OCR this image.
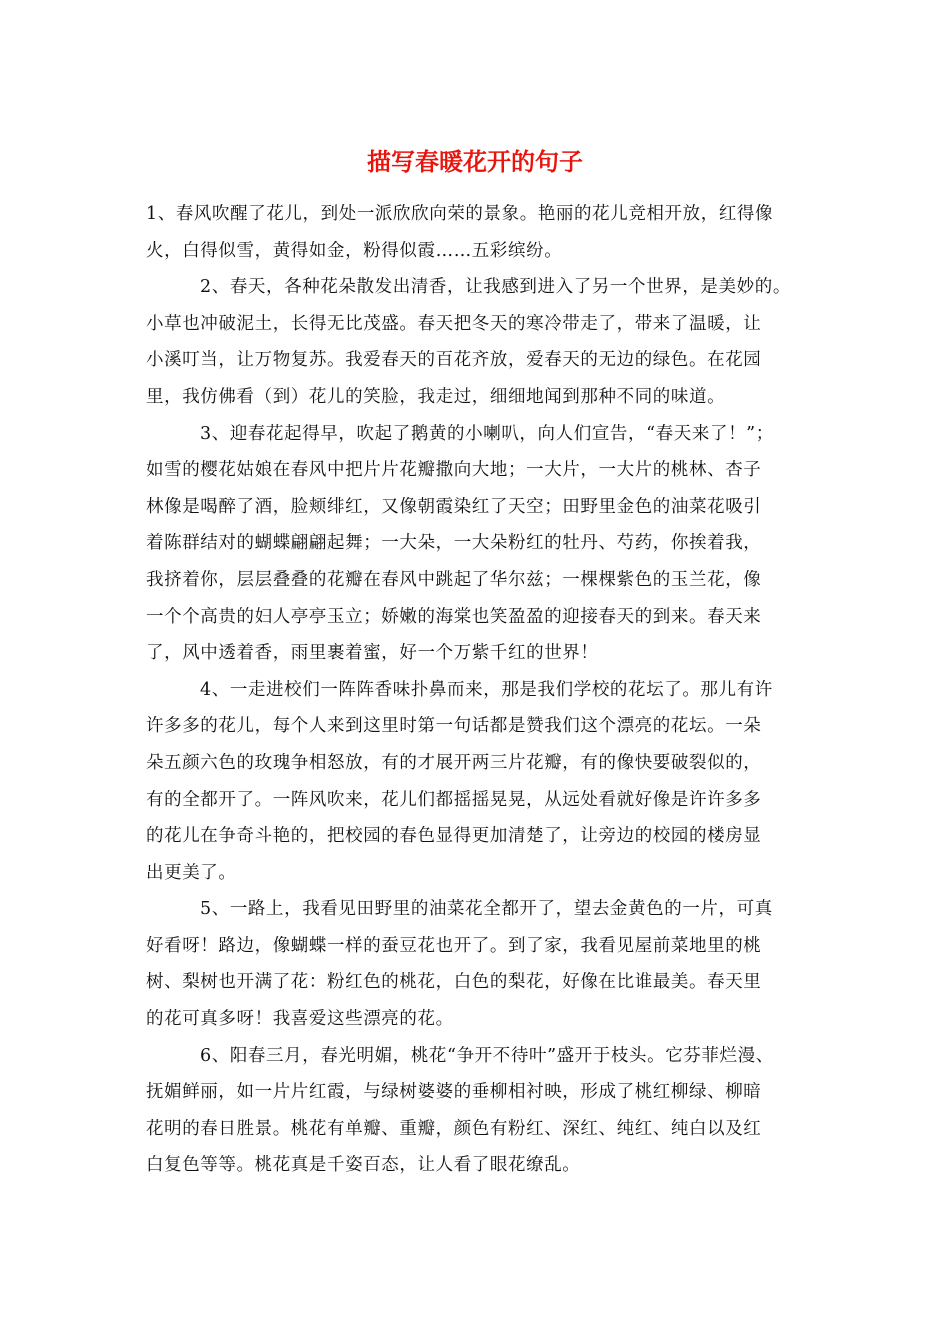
描写春暖花开的句子
1、春风吹醒了花儿，到处一派欣欣向荣的景象。艳丽的花儿竞相开放，红得像
火，白得似雪，黄得如金，粉得似霞……五彩缤纷。
2、春天，各种花朵散发出清香，让我感到进入了另一个世界，是美妙的。
小草也冲破泥土，长得无比茂盛。春天把冬天的寒冷带走了，带来了温暖，让
小溪叮当，让万物复苏。我爱春天的百花齐放，爱春天的无边的绿色。在花园
里，我仿佛看（到）花儿的笑脸，我走过，细细地闻到那种不同的味道。
3、迎春花起得早，吹起了鹅黄的小喇叭，向人们宣告，“春天来了！”；
如雪的樱花姑娘在春风中把片片花瓣撒向大地；一大片，一大片的桃林、杏子
林像是喝醉了酒，脸颊绯红，又像朝霞染红了天空；田野里金色的油菜花吸引
着陈群结对的蝴蝶翩翩起舞；一大朵，一大朵粉红的牡丹、芍药，你挨着我，
我挤着你，层层叠叠的花瓣在春风中跳起了华尔兹；一棵棵紫色的玉兰花，像
一个个高贵的妇人亭亭玉立；娇嫩的海棠也笑盈盈的迎接春天的到来。春天来
了，风中透着香，雨里裹着蜜，好一个万紫千红的世界！
4、一走进校们一阵阵香味扑鼻而来，那是我们学校的花坛了。那儿有许
许多多的花儿，每个人来到这里时第一句话都是赞我们这个漂亮的花坛。一朵
朵五颜六色的玫瑰争相怒放，有的才展开两三片花瓣，有的像快要破裂似的，
有的全都开了。一阵风吹来，花儿们都摇摇晃晃，从远处看就好像是许许多多
的花儿在争奇斗艳的，把校园的春色显得更加清楚了，让旁边的校园的楼房显
出更美了。
5、一路上，我看见田野里的油菜花全都开了，望去金黄色的一片，可真
好看呀！路边，像蝴蝶一样的蚕豆花也开了。到了家，我看见屋前菜地里的桃
树、梨树也开满了花：粉红色的桃花，白色的梨花，好像在比谁最美。春天里
的花可真多呀！我喜爱这些漂亮的花。
6、阳春三月，春光明媚，桃花“争开不待叶”盛开于枝头。它芬菲烂漫、
抚媚鲜丽，如一片片红霞，与绿树婆婆的垂柳相衬映，形成了桃红柳绿、柳暗
花明的春日胜景。桃花有单瓣、重瓣，颜色有粉红、深红、纯红、纯白以及红
白复色等等。桃花真是千姿百态，让人看了眼花缭乱。
